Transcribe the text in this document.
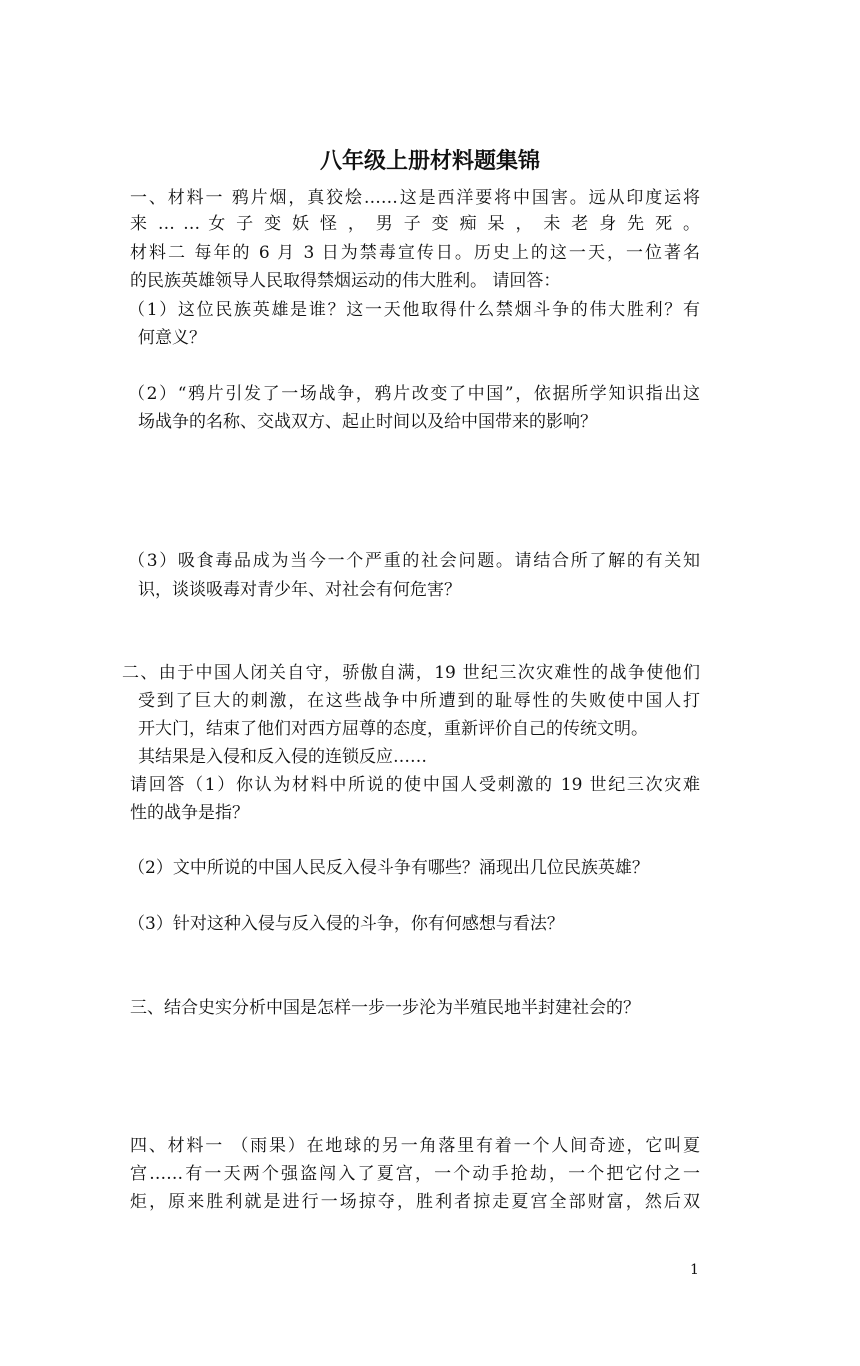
八年级上册材料题集锦
一、材料一 鸦片烟，真狡烩……这是西洋要将中国害。远从印度运将
来 … … 女 子 变 妖 怪 ， 男 子 变 痴 呆 ， 未 老 身 先 死 。
材料二 每年的 6 月 3 日为禁毒宣传日。历史上的这一天，一位著名
的民族英雄领导人民取得禁烟运动的伟大胜利。 请回答：
（1）这位民族英雄是谁？这一天他取得什么禁烟斗争的伟大胜利？有
何意义？
（2）“鸦片引发了一场战争，鸦片改变了中国”，依据所学知识指出这
场战争的名称、交战双方、起止时间以及给中国带来的影响？
（3）吸食毒品成为当今一个严重的社会问题。请结合所了解的有关知
识，谈谈吸毒对青少年、对社会有何危害？
二、由于中国人闭关自守，骄傲自满，19 世纪三次灾难性的战争使他们
受到了巨大的刺激，在这些战争中所遭到的耻辱性的失败使中国人打
开大门，结束了他们对西方屈尊的态度，重新评价自己的传统文明。
其结果是入侵和反入侵的连锁反应……
请回答（1）你认为材料中所说的使中国人受刺激的 19 世纪三次灾难
性的战争是指？
（2）文中所说的中国人民反入侵斗争有哪些？涌现出几位民族英雄？
（3）针对这种入侵与反入侵的斗争，你有何感想与看法？
三、结合史实分析中国是怎样一步一步沦为半殖民地半封建社会的？
四、材料一 （雨果）在地球的另一角落里有着一个人间奇迹，它叫夏
宫……有一天两个强盗闯入了夏宫，一个动手抢劫，一个把它付之一
炬，原来胜利就是进行一场掠夺，胜利者掠走夏宫全部财富，然后双
1
